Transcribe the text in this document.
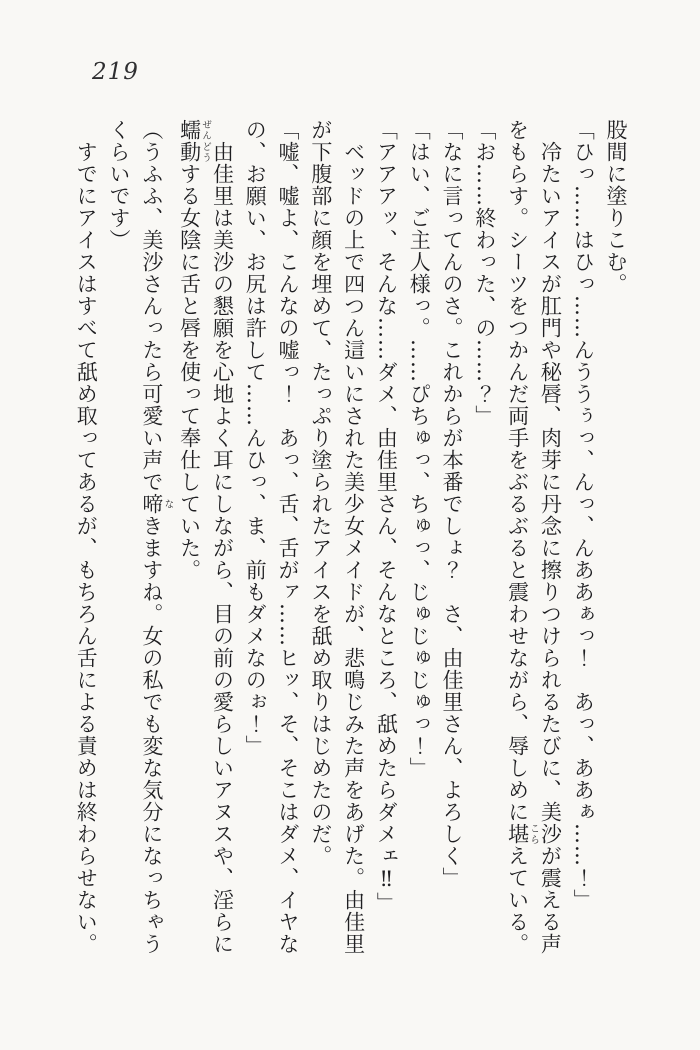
219

股間に塗りこむ。

「ひっ……はひっ……んううぅっ、んっ、んああぁっ！　あっ、ああぁ……！」

冷たいアイスが肛門や秘唇、肉芽に丹念に擦りつけられるたびに、美沙が震える声
をもらす。シーツをつかんだ両手をぶるぶると震わせながら、辱しめに堪こらえている。

「お……終わった、の……？」

「なに言ってんのさ。これからが本番でしょ？　さ、由佳里さん、よろしく」

「はい、ご主人様っ。……ぴちゅっ、ちゅっ、じゅじゅじゅっ！」

「アアアッ、そんな……ダメ、由佳里さん、そんなところ、舐めたらダメェ‼」

ベッドの上で四つん這いにされた美少女メイドが、悲鳴じみた声をあげた。由佳里
が下腹部に顔を埋めて、たっぷり塗られたアイスを舐め取りはじめたのだ。

「嘘、嘘よ、こんなの嘘っ！　あっ、舌、舌がァ……ヒッ、そ、そこはダメ、イヤな
の、お願い、お尻は許して……んひっ、ま、前もダメなのぉ！」

由佳里は美沙の懇願を心地よく耳にしながら、目の前の愛らしいアヌスや、淫らに
蠕動ぜんどうする女陰に舌と唇を使って奉仕していた。

（うふふ、美沙さんったら可愛い声で啼なきますね。女の私でも変な気分になっちゃう
くらいです）

すでにアイスはすべて舐め取ってあるが、もちろん舌による責めは終わらせない。
